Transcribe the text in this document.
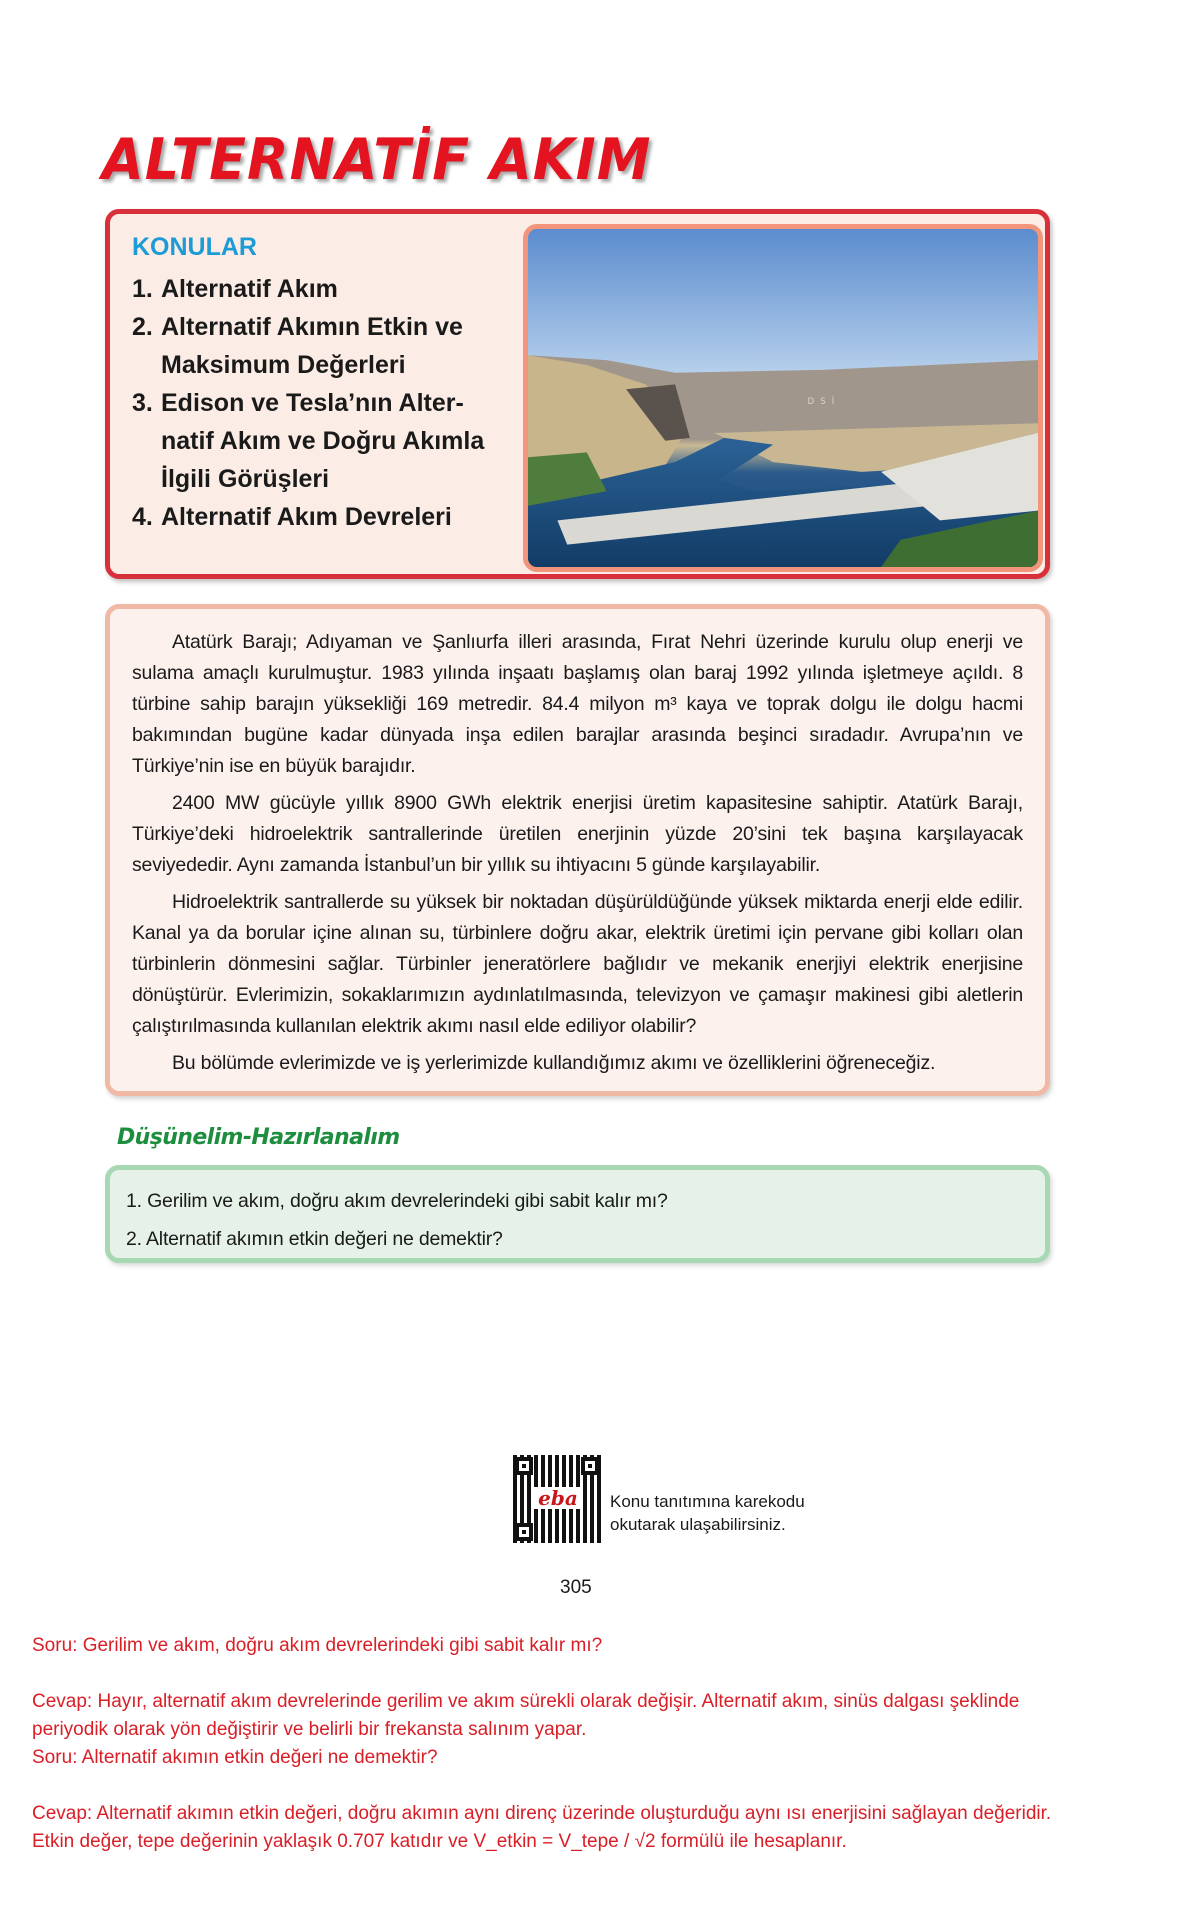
ALTERNATİF AKIM
KONULAR
1. Alternatif Akım
2. Alternatif Akımın Etkin ve Maksimum Değerleri
3. Edison ve Tesla’nın Alter-natif Akım ve Doğru Akımla İlgili Görüşleri
4. Alternatif Akım Devreleri
DSİ

Atatürk Barajı; Adıyaman ve Şanlıurfa illeri arasında, Fırat Nehri üzerinde kurulu olup enerji ve sulama amaçlı kurulmuştur. 1983 yılında inşaatı başlamış olan baraj 1992 yılında işletmeye açıldı. 8 türbine sahip barajın yüksekliği 169 metredir. 84.4 milyon m³ kaya ve toprak dolgu ile dolgu hacmi bakımından bugüne kadar dünyada inşa edilen barajlar arasında beşinci sıradadır. Avrupa’nın ve Türkiye’nin ise en büyük barajıdır.

2400 MW gücüyle yıllık 8900 GWh elektrik enerjisi üretim kapasitesine sahiptir. Atatürk Barajı, Türkiye’deki hidroelektrik santrallerinde üretilen enerjinin yüzde 20’sini tek başına karşılayacak seviyededir. Aynı zamanda İstanbul’un bir yıllık su ihtiyacını 5 günde karşılayabilir.

Hidroelektrik santrallerde su yüksek bir noktadan düşürüldüğünde yüksek miktarda enerji elde edilir. Kanal ya da borular içine alınan su, türbinlere doğru akar, elektrik üretimi için pervane gibi kolları olan türbinlerin dönmesini sağlar. Türbinler jeneratörlere bağlıdır ve mekanik enerjiyi elektrik enerjisine dönüştürür. Evlerimizin, sokaklarımızın aydınlatılmasında, televizyon ve çamaşır makinesi gibi aletlerin çalıştırılmasında kullanılan elektrik akımı nasıl elde ediliyor olabilir?

Bu bölümde evlerimizde ve iş yerlerimizde kullandığımız akımı ve özelliklerini öğreneceğiz.

Düşünelim-Hazırlanalım
1. Gerilim ve akım, doğru akım devrelerindeki gibi sabit kalır mı?
2. Alternatif akımın etkin değeri ne demektir?
eba	Konu tanıtımına karekodu
okutarak ulaşabilirsiniz.
305
Soru: Gerilim ve akım, doğru akım devrelerindeki gibi sabit kalır mı?
Cevap: Hayır, alternatif akım devrelerinde gerilim ve akım sürekli olarak değişir. Alternatif akım, sinüs dalgası şeklinde
periyodik olarak yön değiştirir ve belirli bir frekansta salınım yapar.
Soru: Alternatif akımın etkin değeri ne demektir?
Cevap: Alternatif akımın etkin değeri, doğru akımın aynı direnç üzerinde oluşturduğu aynı ısı enerjisini sağlayan değeridir.
Etkin değer, tepe değerinin yaklaşık 0.707 katıdır ve V_etkin = V_tepe / √2 formülü ile hesaplanır.
